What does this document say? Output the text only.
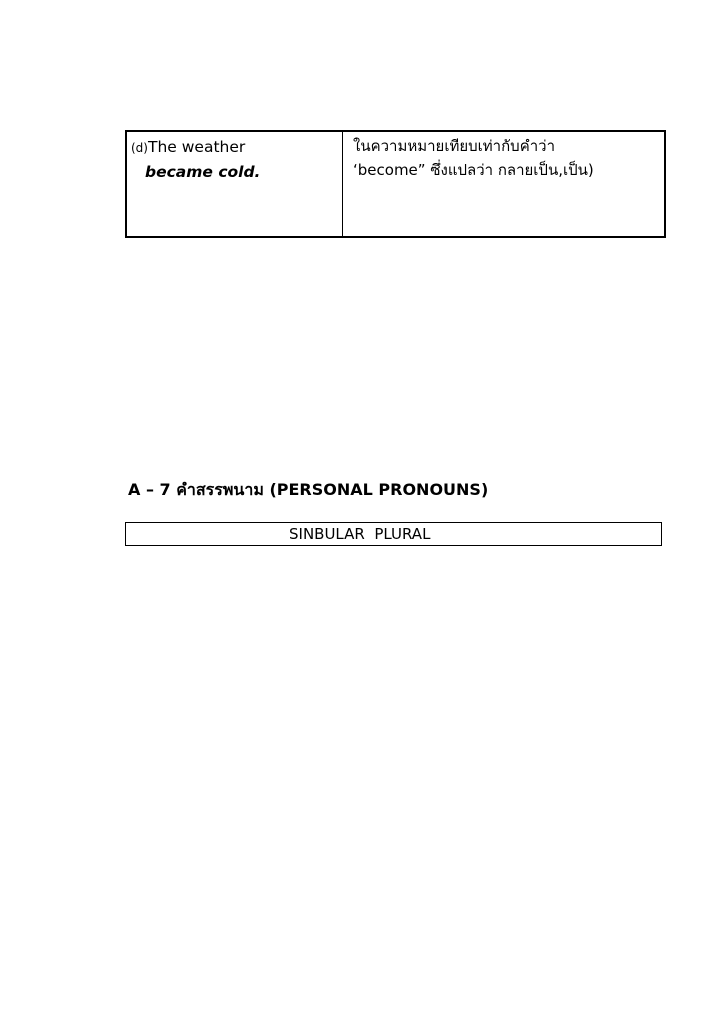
(d)The weather
became cold.
ในความหมายเทียบเท่ากับคำว่า
‘become” ซึ่งแปลว่า กลายเป็น,เป็น)
A – 7 คำสรรพนาม (PERSONAL PRONOUNS)
SINBULAR  PLURAL
